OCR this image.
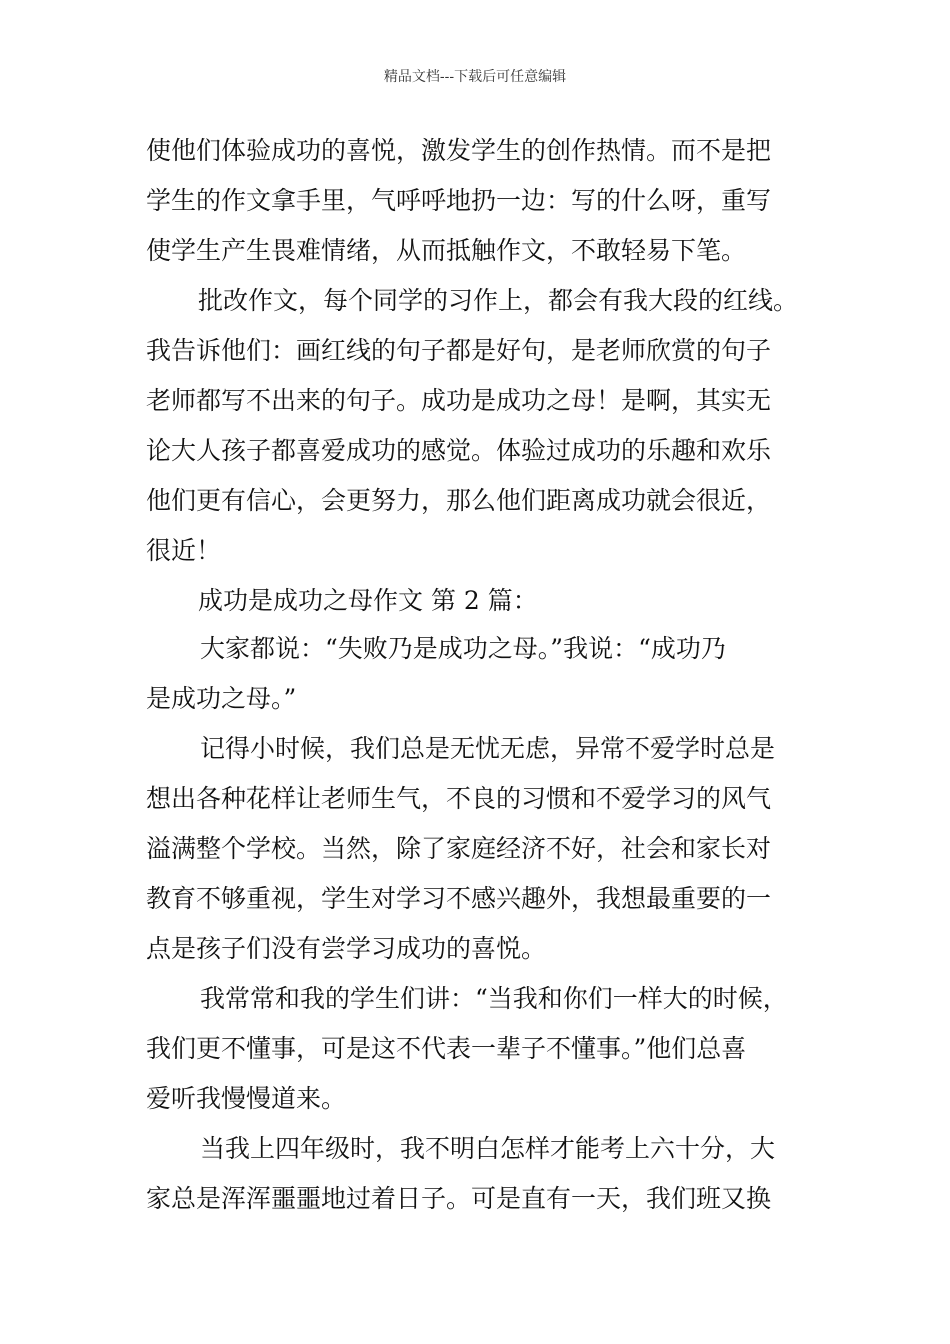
精品文档---下载后可任意编辑
使他们体验成功的喜悦，激发学生的创作热情。而不是把
学生的作文拿手里，气呼呼地扔一边：写的什么呀，重写
使学生产生畏难情绪，从而抵触作文，不敢轻易下笔。
批改作文，每个同学的习作上，都会有我大段的红线。
我告诉他们：画红线的句子都是好句，是老师欣赏的句子
老师都写不出来的句子。成功是成功之母！是啊，其实无
论大人孩子都喜爱成功的感觉。体验过成功的乐趣和欢乐
他们更有信心，会更努力，那么他们距离成功就会很近，
很近！
成功是成功之母作文 第 2 篇：
大家都说：“失败乃是成功之母。”我说：“成功乃
是成功之母。”
记得小时候，我们总是无忧无虑，异常不爱学时总是
想出各种花样让老师生气，不良的习惯和不爱学习的风气
溢满整个学校。当然，除了家庭经济不好，社会和家长对
教育不够重视，学生对学习不感兴趣外，我想最重要的一
点是孩子们没有尝学习成功的喜悦。
我常常和我的学生们讲：“当我和你们一样大的时候，
我们更不懂事，可是这不代表一辈子不懂事。”他们总喜
爱听我慢慢道来。
当我上四年级时，我不明白怎样才能考上六十分，大
家总是浑浑噩噩地过着日子。可是直有一天，我们班又换
